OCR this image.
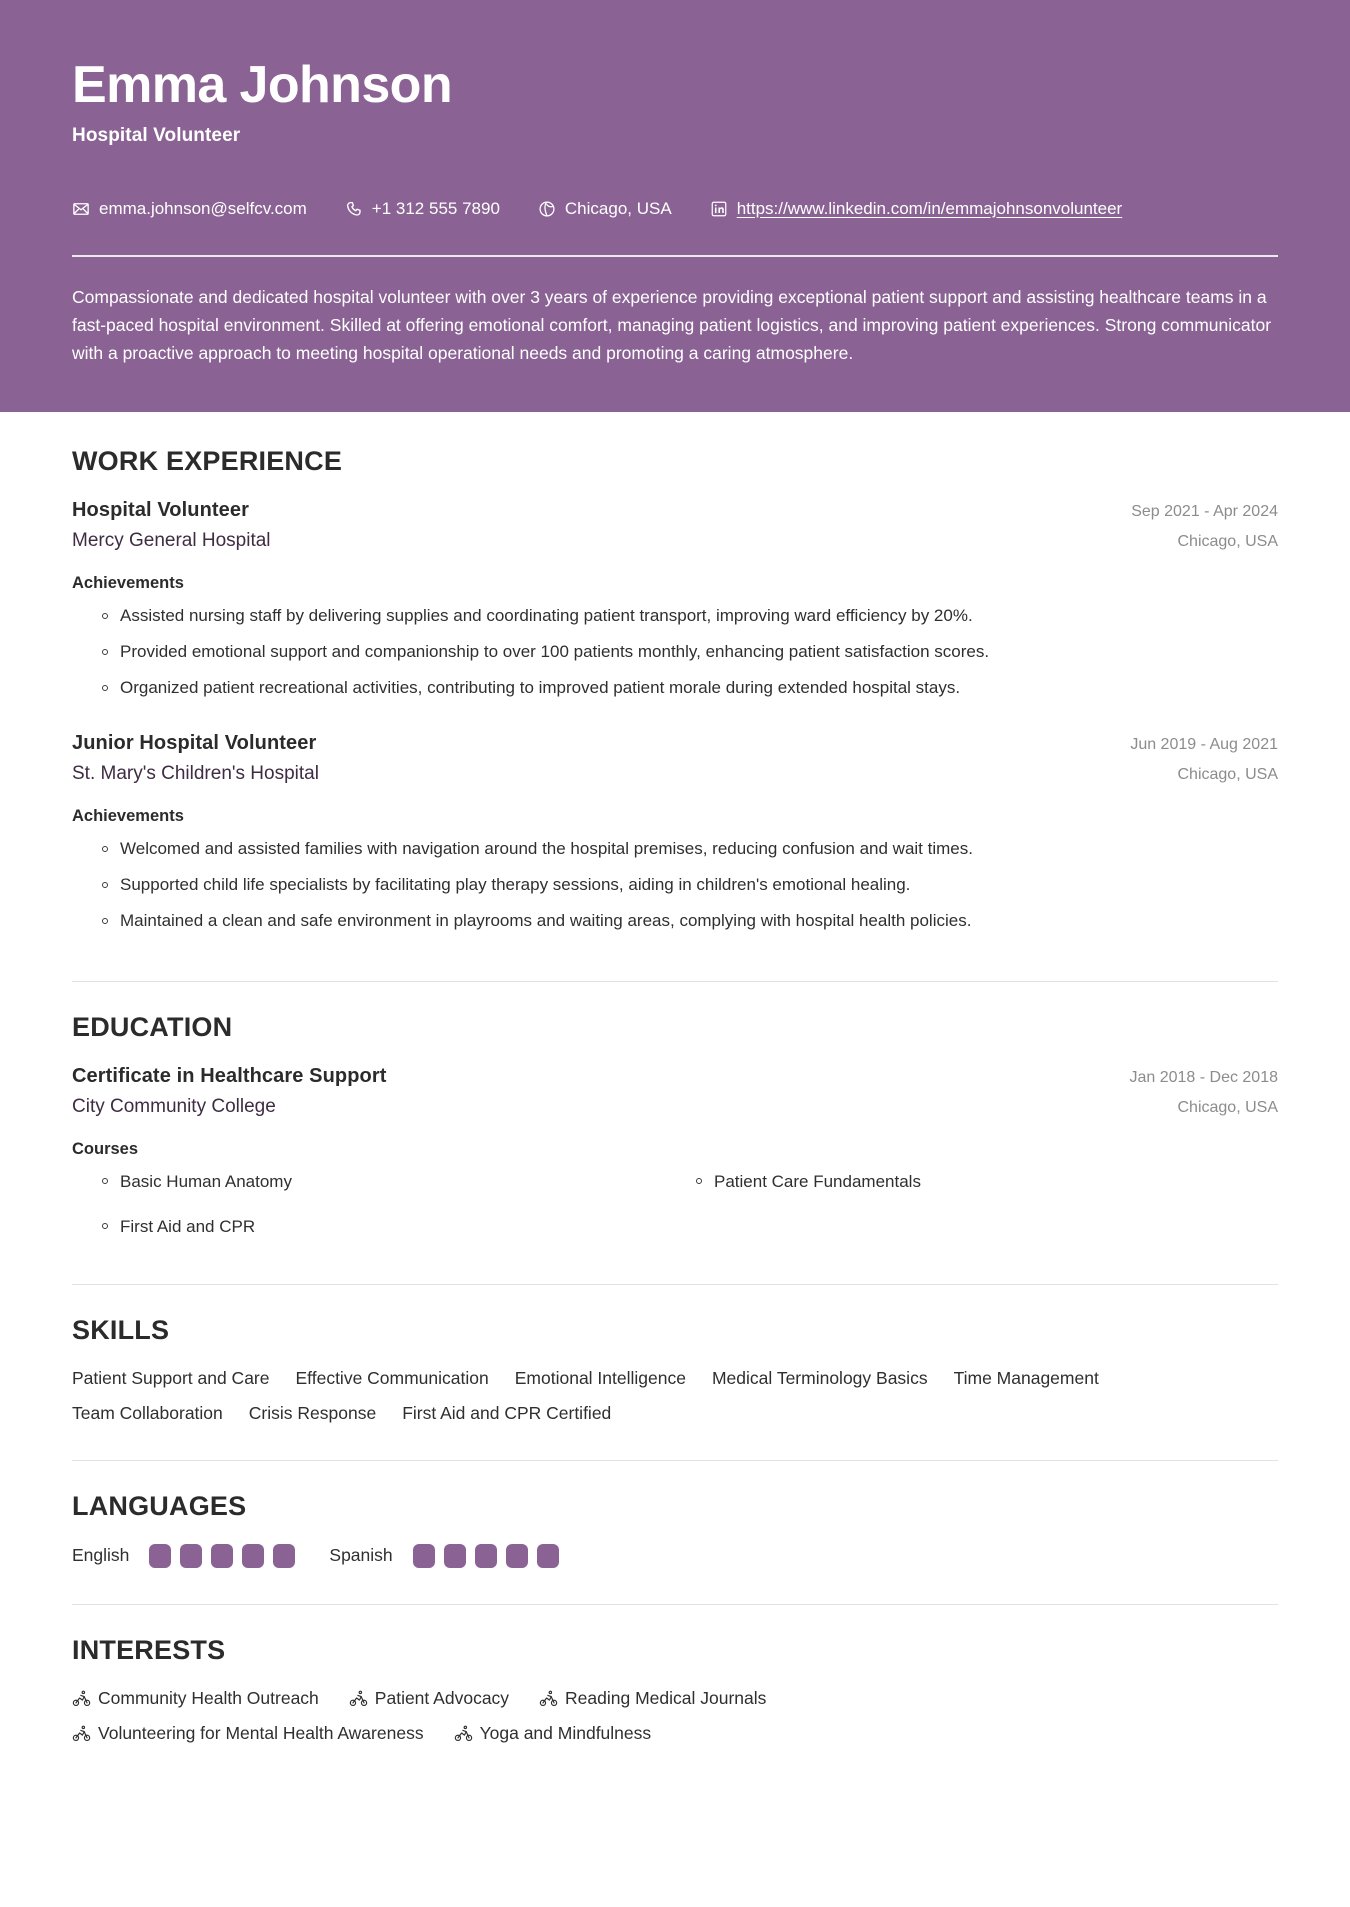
Emma Johnson
Hospital Volunteer
emma.johnson@selfcv.com	+1 312 555 7890	Chicago, USA	https://www.linkedin.com/in/emmajohnsonvolunteer

Compassionate and dedicated hospital volunteer with over 3 years of experience providing exceptional patient support and assisting healthcare teams in a fast-paced hospital environment. Skilled at offering emotional comfort, managing patient logistics, and improving patient experiences. Strong communicator with a proactive approach to meeting hospital operational needs and promoting a caring atmosphere.

WORK EXPERIENCE
Hospital Volunteer	Sep 2021 - Apr 2024
Mercy General Hospital	Chicago, USA
Achievements
Assisted nursing staff by delivering supplies and coordinating patient transport, improving ward efficiency by 20%.
Provided emotional support and companionship to over 100 patients monthly, enhancing patient satisfaction scores.
Organized patient recreational activities, contributing to improved patient morale during extended hospital stays.
Junior Hospital Volunteer	Jun 2019 - Aug 2021
St. Mary's Children's Hospital	Chicago, USA
Achievements
Welcomed and assisted families with navigation around the hospital premises, reducing confusion and wait times.
Supported child life specialists by facilitating play therapy sessions, aiding in children's emotional healing.
Maintained a clean and safe environment in playrooms and waiting areas, complying with hospital health policies.
EDUCATION
Certificate in Healthcare Support	Jan 2018 - Dec 2018
City Community College	Chicago, USA
Courses
Basic Human Anatomy	Patient Care Fundamentals
First Aid and CPR
SKILLS
Patient Support and Care Effective Communication Emotional Intelligence Medical Terminology Basics Time Management
Team Collaboration Crisis Response First Aid and CPR Certified
LANGUAGES
English	Spanish
INTERESTS
Community Health Outreach	Patient Advocacy	Reading Medical Journals
Volunteering for Mental Health Awareness	Yoga and Mindfulness
